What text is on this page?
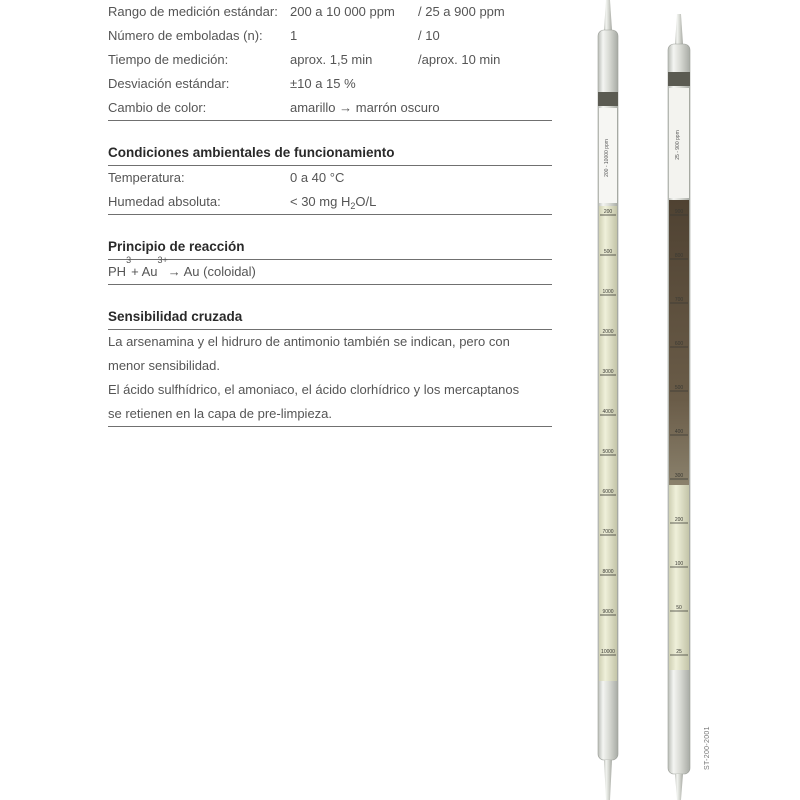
Rango de medición estándar: 200 a 10 000 ppm	/ 25 a 900 ppm
Número de emboladas (n):	1	/ 10
Tiempo de medición:	aprox. 1,5 min	/aprox. 10 min
Desviación estándar:	±10 a 15 %
Cambio de color:	amarillo → marrón oscuro
Condiciones ambientales de funcionamiento
Temperatura:	0 a 40 °C
Humedad absoluta:	< 30 mg $H_2O/L$
Principio de reacción
PH
3
+ Au
3+
→ Au (coloidal)
Sensibilidad cruzada
La arsenamina y el hidruro de antimonio también se indican, pero con
menor sensibilidad.
El ácido sulfhídrico, el amoniaco, el ácido clorhídrico y los mercaptanos
se retienen en la capa de pre-limpieza.
200 - 10000 ppm
200
500
1000
2000
3000
4000
5000
6000
7000
8000
9000
10000
25 - 900 ppm
900
800
700
600
500
400
300
200
100
50
25
ST-200-2001
